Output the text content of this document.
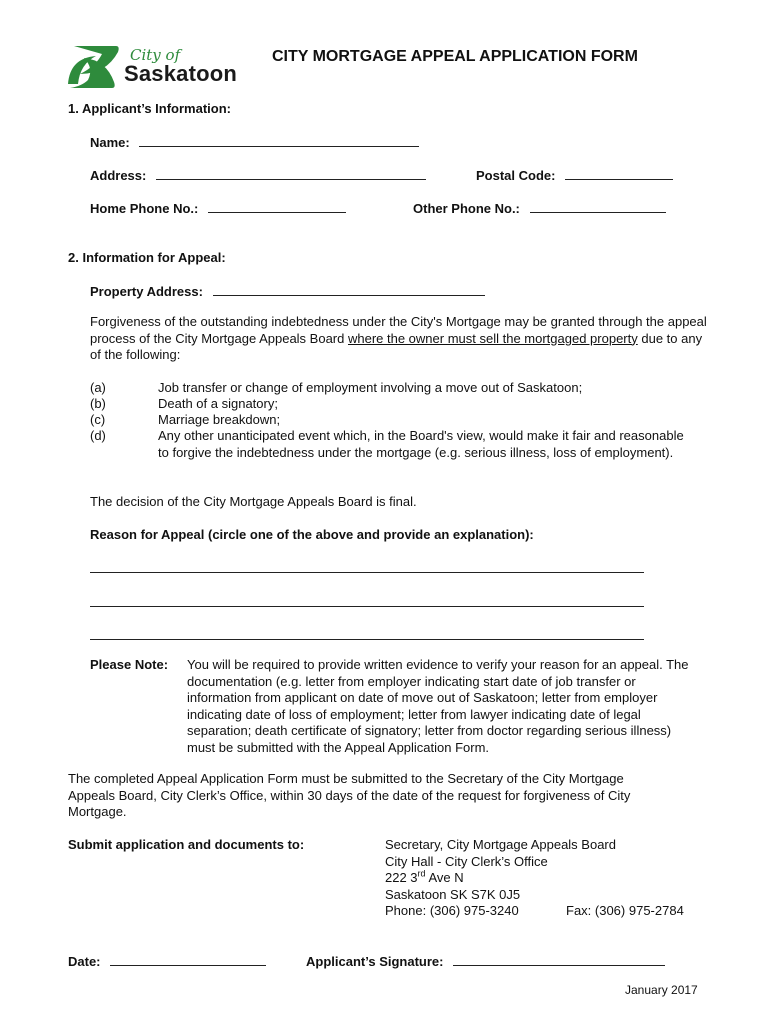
City of
Saskatoon
CITY MORTGAGE APPEAL APPLICATION FORM
1. Applicant’s Information:
Name:
Address:	Postal Code:
Home Phone No.:	Other Phone No.:
2. Information for Appeal:
Property Address:
Forgiveness of the outstanding indebtedness under the City's Mortgage may be granted through the appeal process of the City Mortgage Appeals Board where the owner must sell the mortgaged property due to any of the following:
(a)	Job transfer or change of employment involving a move out of Saskatoon;
(b)	Death of a signatory;
(c)	Marriage breakdown;
(d)	Any other unanticipated event which, in the Board's view, would make it fair and reasonable to forgive the indebtedness under the mortgage (e.g. serious illness, loss of employment).
The decision of the City Mortgage Appeals Board is final.
Reason for Appeal (circle one of the above and provide an explanation):
Please Note: You will be required to provide written evidence to verify your reason for an appeal. The documentation (e.g. letter from employer indicating start date of job transfer or information from applicant on date of move out of Saskatoon; letter from employer indicating date of loss of employment; letter from lawyer indicating date of legal separation; death certificate of signatory; letter from doctor regarding serious illness) must be submitted with the Appeal Application Form.
The completed Appeal Application Form must be submitted to the Secretary of the City Mortgage Appeals Board, City Clerk’s Office, within 30 days of the date of the request for forgiveness of City Mortgage.
Submit application and documents to:	Secretary, City Mortgage Appeals Board
City Hall - City Clerk’s Office
222 3rd Ave N
Saskatoon SK S7K 0J5
Phone: (306) 975-3240	Fax: (306) 975-2784
Date:	Applicant’s Signature:
January 2017
